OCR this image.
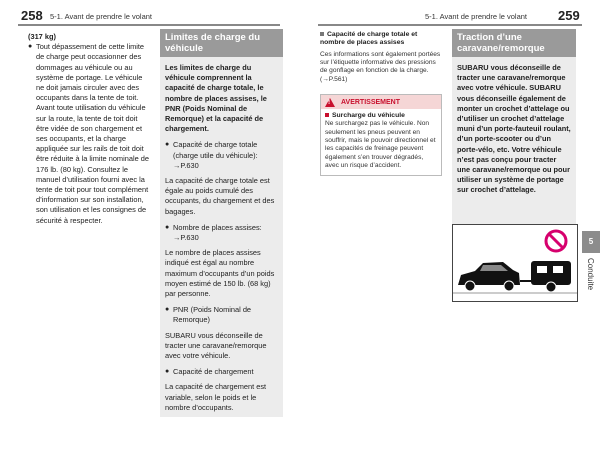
258 5-1. Avant de prendre le volant	5-1. Avant de prendre le volant 259
(317 kg)
● Tout dépassement de cette limite de charge peut occasionner des dommages au véhicule ou au système de portage. Le véhicule ne doit jamais circuler avec des occupants dans la tente de toit. Avant toute utilisation du véhicule sur la route, la tente de toit doit être vidée de son chargement et ses occupants, et la charge appliquée sur les rails de toit doit être réduite à la limite nominale de 176 lb. (80 kg). Consultez le manuel d’utilisation fourni avec la tente de toit pour tout complément d’information sur son installation, son utilisation et les consignes de sécurité à respecter.
Limites de charge du véhicule
Les limites de charge du véhicule comprennent la capacité de charge totale, le nombre de places assises, le PNR (Poids Nominal de Remorque) et la capacité de chargement.
● Capacité de charge totale (charge utile du véhicule):
→P.630
La capacité de charge totale est égale au poids cumulé des occupants, du chargement et des bagages.
● Nombre de places assises:
→P.630
Le nombre de places assises indiqué est égal au nombre maximum d’occupants d’un poids moyen estimé de 150 lb. (68 kg) par personne.
● PNR (Poids Nominal de Remorque)
SUBARU vous déconseille de tracter une caravane/remorque avec votre véhicule.
● Capacité de chargement
La capacité de chargement est variable, selon le poids et le nombre d’occupants.
Capacité de charge totale et nombre de places assises
Ces informations sont également portées sur l’étiquette informative des pressions de gonflage en fonction de la charge. (→P.561)
! AVERTISSEMENT
Surcharge du véhicule
Ne surchargez pas le véhicule. Non seulement les pneus peuvent en souffrir, mais le pouvoir directionnel et les capacités de freinage peuvent également s’en trouver dégradés, avec un risque d’accident.
Traction d’une caravane/remorque
SUBARU vous déconseille de tracter une caravane/remorque avec votre véhicule. SUBARU vous déconseille également de monter un crochet d’attelage ou d’utiliser un crochet d’attelage muni d’un porte-fauteuil roulant, d’un porte-scooter ou d’un porte-vélo, etc. Votre véhicule n’est pas conçu pour tracter une caravane/remorque ou pour utiliser un système de portage sur crochet d’attelage.
5
Conduite
